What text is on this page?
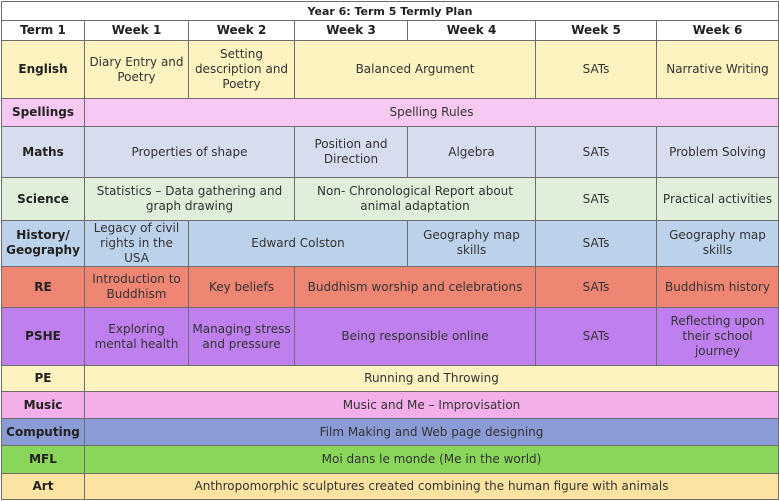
Year 6: Term 5 Termly Plan						
Term 1	Week 1	Week 2	Week 3	Week 4	Week 5	Week 6
English	Diary Entry and Poetry	Setting description and Poetry	Balanced Argument		SATs	Narrative Writing
Spellings	Spelling Rules					
Maths	Properties of shape		Position and Direction	Algebra	SATs	Problem Solving
Science	Statistics – Data gathering and graph drawing		Non- Chronological Report about animal adaptation		SATs	Practical activities
History/ Geography	Legacy of civil rights in the USA	Edward Colston		Geography map skills	SATs	Geography map skills
RE	Introduction to Buddhism	Key beliefs	Buddhism worship and celebrations		SATs	Buddhism history
PSHE	Exploring mental health	Managing stress and pressure	Being responsible online		SATs	Reflecting upon their school journey
PE	Running and Throwing					
Music	Music and Me – Improvisation					
Computing	Film Making and Web page designing					
MFL	Moi dans le monde (Me in the world)					
Art	Anthropomorphic sculptures created combining the human figure with animals					
